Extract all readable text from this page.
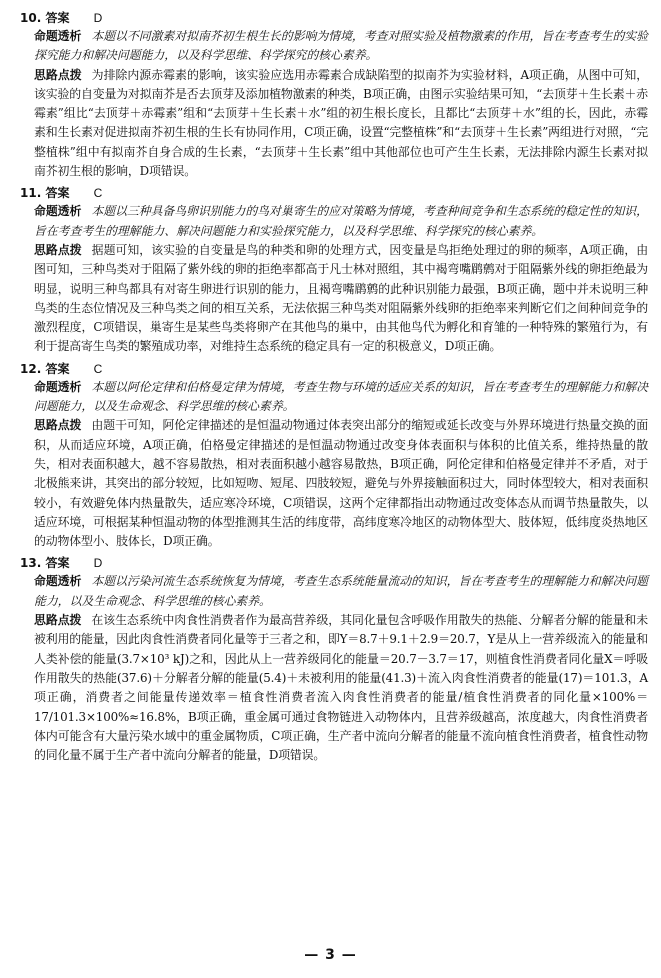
10. 答案 D

命题透析 本题以不同激素对拟南芥初生根生长的影响为情境，考查对照实验及植物激素的作用，旨在考查考生的实验探究能力和解决问题能力，以及科学思维、科学探究的核心素养。

思路点拨 为排除内源赤霉素的影响，该实验应选用赤霉素合成缺陷型的拟南芥为实验材料，A项正确，从图中可知，该实验的自变量为对拟南芥是否去顶芽及添加植物激素的种类，B项正确，由图示实验结果可知，“去顶芽＋生长素＋赤霉素”组比“去顶芽＋赤霉素”组和“去顶芽＋生长素＋水”组的初生根长度长，且都比“去顶芽＋水”组的长，因此，赤霉素和生长素对促进拟南芥初生根的生长有协同作用，C项正确，设置“完整植株”和“去顶芽＋生长素”两组进行对照，“完整植株”组中有拟南芥自身合成的生长素，“去顶芽＋生长素”组中其他部位也可产生生长素，无法排除内源生长素对拟南芥初生根的影响，D项错误。

11. 答案 C

命题透析 本题以三种具备鸟卵识别能力的鸟对巢寄生的应对策略为情境，考查种间竞争和生态系统的稳定性的知识，旨在考查考生的理解能力、解决问题能力和实验探究能力，以及科学思维、科学探究的核心素养。

思路点拨 据题可知，该实验的自变量是鸟的种类和卵的处理方式，因变量是鸟拒绝处理过的卵的频率，A项正确，由图可知，三种鸟类对于阻隔了紫外线的卵的拒绝率都高于凡士林对照组，其中褐弯嘴鹛鹩对于阻隔紫外线的卵拒绝最为明显，说明三种鸟都具有对寄生卵进行识别的能力，且褐弯嘴鹛鹩的此种识别能力最强，B项正确，题中并未说明三种鸟类的生态位情况及三种鸟类之间的相互关系，无法依据三种鸟类对阻隔紫外线卵的拒绝率来判断它们之间种间竞争的激烈程度，C项错误，巢寄生是某些鸟类将卵产在其他鸟的巢中，由其他鸟代为孵化和育雏的一种特殊的繁殖行为，有利于提高寄生鸟类的繁殖成功率，对维持生态系统的稳定具有一定的积极意义，D项正确。

12. 答案 C

命题透析 本题以阿伦定律和伯格曼定律为情境，考查生物与环境的适应关系的知识，旨在考查考生的理解能力和解决问题能力，以及生命观念、科学思维的核心素养。

思路点拨 由题干可知，阿伦定律描述的是恒温动物通过体表突出部分的缩短或延长改变与外界环境进行热量交换的面积，从而适应环境，A项正确，伯格曼定律描述的是恒温动物通过改变身体表面积与体积的比值关系，维持热量的散失，相对表面积越大，越不容易散热，相对表面积越小越容易散热，B项正确，阿伦定律和伯格曼定律并不矛盾，对于北极熊来讲，其突出的部分较短，比如短吻、短尾、四肢较短，避免与外界接触面积过大，同时体型较大，相对表面积较小，有效避免体内热量散失，适应寒冷环境，C项错误，这两个定律都指出动物通过改变体态从而调节热量散失，以适应环境，可根据某种恒温动物的体型推测其生活的纬度带，高纬度寒冷地区的动物体型大、肢体短，低纬度炎热地区的动物体型小、肢体长，D项正确。

13. 答案 D

命题透析 本题以污染河流生态系统恢复为情境，考查生态系统能量流动的知识，旨在考查考生的理解能力和解决问题能力，以及生命观念、科学思维的核心素养。

思路点拨 在该生态系统中肉食性消费者作为最高营养级，其同化量包含呼吸作用散失的热能、分解者分解的能量和未被利用的能量，因此肉食性消费者同化量等于三者之和，即Y＝8.7＋9.1＋2.9＝20.7，Y是从上一营养级流入的能量和人类补偿的能量(3.7×10³ kJ)之和，因此从上一营养级同化的能量＝20.7－3.7＝17，则植食性消费者同化量X＝呼吸作用散失的热能(37.6)＋分解者分解的能量(5.4)＋未被利用的能量(41.3)＋流入肉食性消费者的能量(17)＝101.3，A项正确，消费者之间能量传递效率＝植食性消费者流入肉食性消费者的能量/植食性消费者的同化量×100%＝17/101.3×100%≈16.8%，B项正确，重金属可通过食物链进入动物体内，且营养级越高，浓度越大，肉食性消费者体内可能含有大量污染水域中的重金属物质，C项正确，生产者中流向分解者的能量不流向植食性消费者，植食性动物的同化量不属于生产者中流向分解者的能量，D项错误。

— 3 —
